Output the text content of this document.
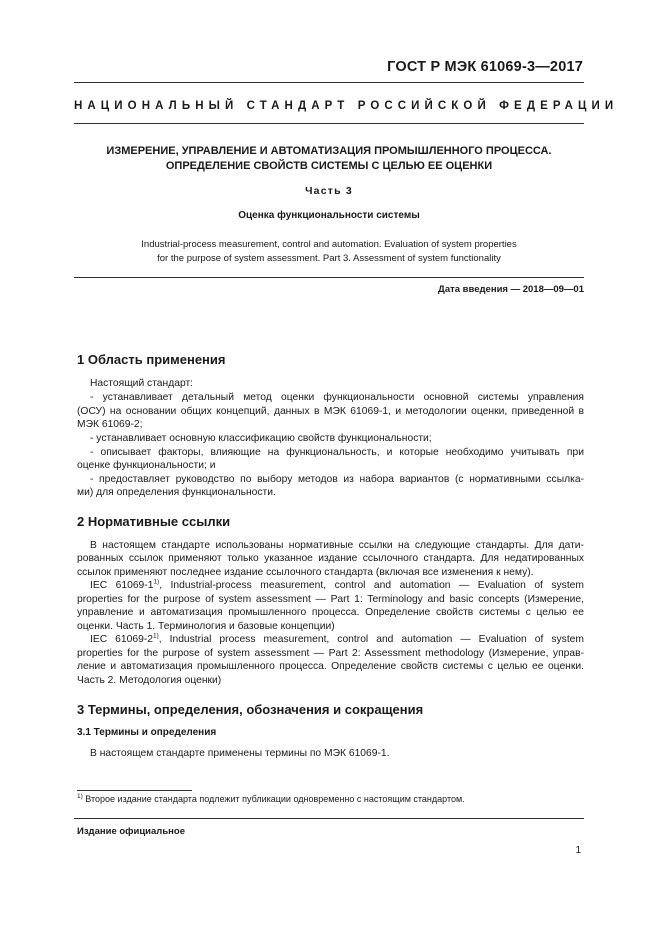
ГОСТ Р МЭК 61069-3—2017
НАЦИОНАЛЬНЫЙ СТАНДАРТ РОССИЙСКОЙ ФЕДЕРАЦИИ
ИЗМЕРЕНИЕ, УПРАВЛЕНИЕ И АВТОМАТИЗАЦИЯ ПРОМЫШЛЕННОГО ПРОЦЕССА.
ОПРЕДЕЛЕНИЕ СВОЙСТВ СИСТЕМЫ С ЦЕЛЬЮ ЕЕ ОЦЕНКИ
Часть 3
Оценка функциональности системы
Industrial-process measurement, control and automation. Evaluation of system properties
for the purpose of system assessment. Part 3. Assessment of system functionality
Дата введения — 2018—09—01
1 Область применения
Настоящий стандарт:
- устанавливает детальный метод оценки функциональности основной системы управления
(ОСУ) на основании общих концепций, данных в МЭК 61069-1, и методологии оценки, приведенной в
МЭК 61069-2;
- устанавливает основную классификацию свойств функциональности;
- описывает факторы, влияющие на функциональность, и которые необходимо учитывать при
оценке функциональности; и
- предоставляет руководство по выбору методов из набора вариантов (с нормативными ссылка-
ми) для определения функциональности.
2 Нормативные ссылки
В настоящем стандарте использованы нормативные ссылки на следующие стандарты. Для дати-
рованных ссылок применяют только указанное издание ссылочного стандарта. Для недатированных
ссылок применяют последнее издание ссылочного стандарта (включая все изменения к нему).
IEC 61069-1$^{1)}$, Industrial-process measurement, control and automation — Evaluation of system
properties for the purpose of system assessment — Part 1: Terminology and basic concepts (Измерение,
управление и автоматизация промышленного процесса. Определение свойств системы с целью ее
оценки. Часть 1. Терминология и базовые концепции)
IEC 61069-2$^{1)}$, Industrial process measurement, control and automation — Evaluation of system
properties for the purpose of system assessment — Part 2: Assessment methodology (Измерение, управ-
ление и автоматизация промышленного процесса. Определение свойств системы с целью ее оценки.
Часть 2. Методология оценки)
3 Термины, определения, обозначения и сокращения
3.1 Термины и определения
В настоящем стандарте применены термины по МЭК 61069-1.
$^{1)}$ Второе издание стандарта подлежит публикации одновременно с настоящим стандартом.
Издание официальное
1
